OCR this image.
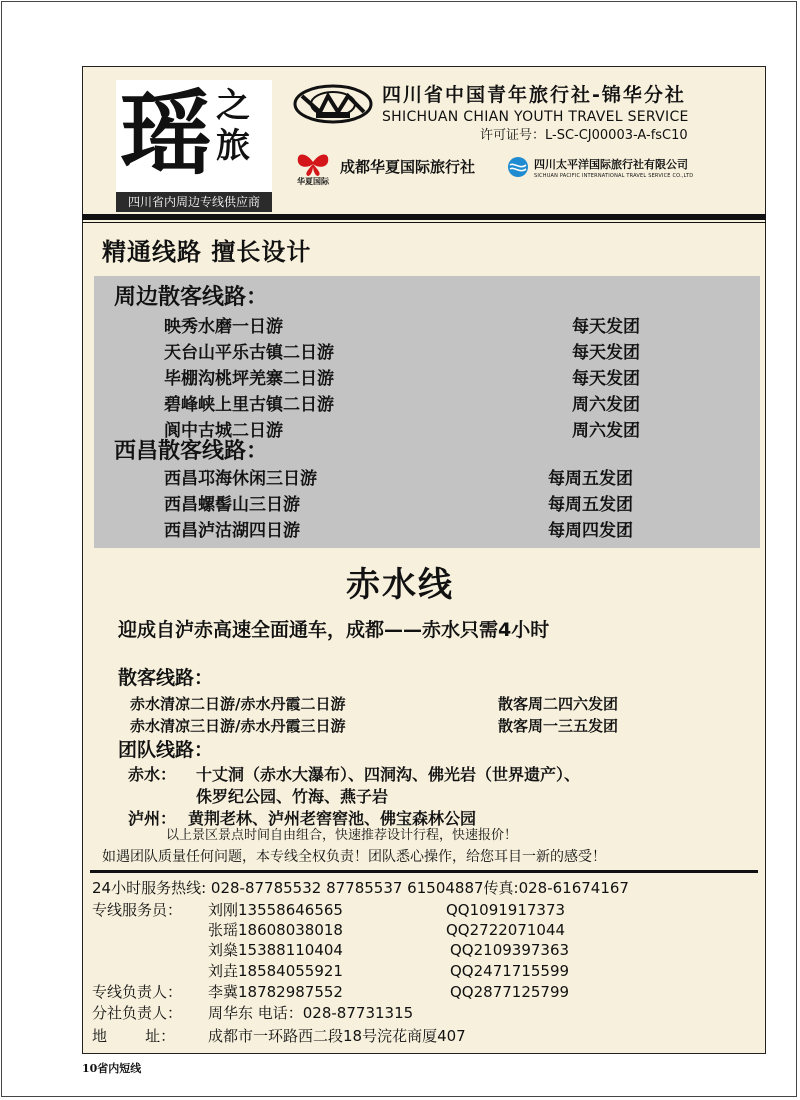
瑶 之
旅
四川省内周边专线供应商
四川省中国青年旅行社-锦华分社
SHICHUAN CHIAN YOUTH TRAVEL SERVICE
许可证号：L-SC-CJ00003-A-fsC10
华夏国际
成都华夏国际旅行社	四川太平洋国际旅行社有限公司
SICHUAN PACIFIC INTERNATIONAL TRAVEL SERVICE CO.,LTD
精通线路 擅长设计
周边散客线路：
映秀水磨一日游	每天发团
天台山平乐古镇二日游	每天发团
毕棚沟桃坪羌寨二日游	每天发团
碧峰峡上里古镇二日游	周六发团
阆中古城二日游	周六发团
西昌散客线路：
西昌邛海休闲三日游	每周五发团
西昌螺髻山三日游	每周五发团
西昌泸沽湖四日游	每周四发团
赤水线
迎成自泸赤高速全面通车，成都——赤水只需4小时
散客线路：
赤水清凉二日游/赤水丹霞二日游	散客周二四六发团
赤水清凉三日游/赤水丹霞三日游	散客周一三五发团
团队线路：
赤水： 十丈洞（赤水大瀑布）、四洞沟、佛光岩（世界遗产）、
侏罗纪公园、竹海、燕子岩
泸州： 黄荆老林、泸州老窖窖池、佛宝森林公园
以上景区景点时间自由组合，快速推荐设计行程，快速报价！
如遇团队质量任何问题，本专线全权负责！团队悉心操作，给您耳目一新的感受！
24小时服务热线: 028-87785532 87785537 61504887传真:028-61674167
专线服务员： 刘刚13558646565	QQ1091917373
张瑶18608038018	QQ2722071044
刘燊15388110404	QQ2109397363
刘垚18584055921	QQ2471715599
专线负责人： 李冀18782987552	QQ2877125799
分社负责人： 周华东 电话：028-87731315
地        址： 成都市一环路西二段18号浣花商厦407
10省内短线
